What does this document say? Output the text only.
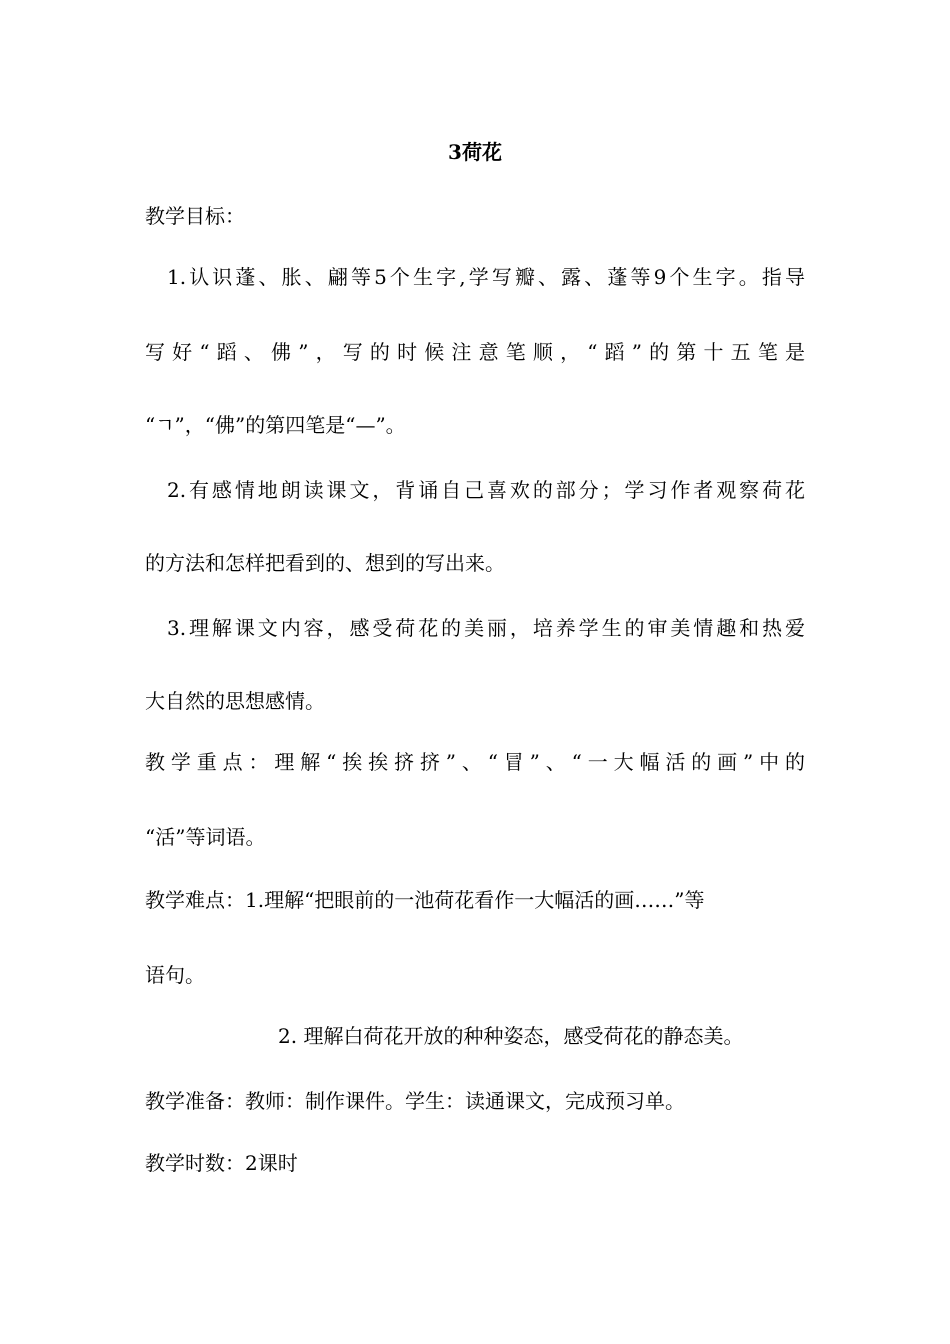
3荷花
教学目标：
1.认识蓬、胀、翩等5个生字,学写瓣、露、蓬等9个生字。指导
写好“蹈、佛”，写的时候注意笔顺，“蹈”的第十五笔是
“ㄱ”，“佛”的第四笔是“—”。
2.有感情地朗读课文，背诵自己喜欢的部分；学习作者观察荷花
的方法和怎样把看到的、想到的写出来。
3.理解课文内容，感受荷花的美丽，培养学生的审美情趣和热爱
大自然的思想感情。
教学重点：理解“挨挨挤挤”、“冒”、“一大幅活的画”中的
“活”等词语。
教学难点：1.理解“把眼前的一池荷花看作一大幅活的画……”等
语句。
2. 理解白荷花开放的种种姿态，感受荷花的静态美。
教学准备：教师：制作课件。学生：读通课文，完成预习单。
教学时数：2课时
